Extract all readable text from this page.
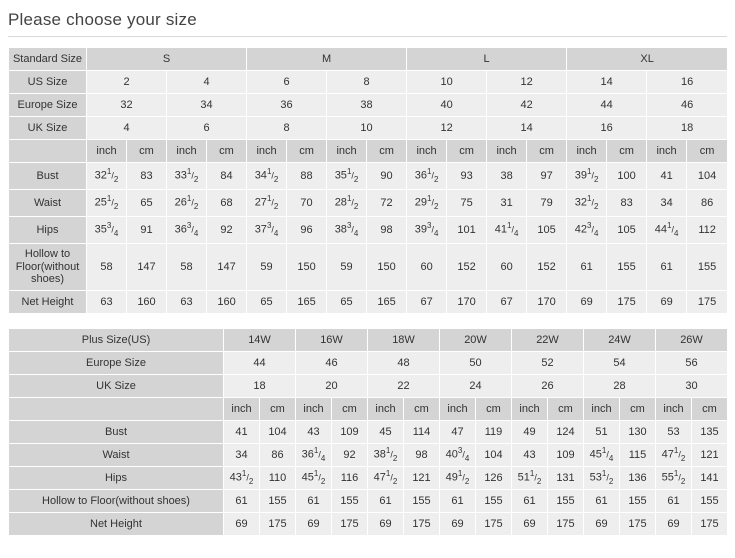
Please choose your size
Standard Size	S				M				L				XL			
US Size	2		4		6		8		10		12		14		16	
Europe Size	32		34		36		38		40		42		44		46	
UK Size	4		6		8		10		12		14		16		18	
	inch	cm	inch	cm	inch	cm	inch	cm	inch	cm	inch	cm	inch	cm	inch	cm
Bust	$32^1/_2$	83	$33^1/_2$	84	$34^1/_2$	88	$35^1/_2$	90	$36^1/_2$	93	38	97	$39^1/_2$	100	41	104
Waist	$25^1/_2$	65	$26^1/_2$	68	$27^1/_2$	70	$28^1/_2$	72	$29^1/_2$	75	31	79	$32^1/_2$	83	34	86
Hips	$35^3/_4$	91	$36^3/_4$	92	$37^3/_4$	96	$38^3/_4$	98	$39^3/_4$	101	$41^1/_4$	105	$42^3/_4$	105	$44^1/_4$	112
Hollow to Floor(without shoes)	58	147	58	147	59	150	59	150	60	152	60	152	61	155	61	155
Net Height	63	160	63	160	65	165	65	165	67	170	67	170	69	175	69	175
Plus Size(US)	14W		16W		18W		20W		22W		24W		26W	
Europe Size	44		46		48		50		52		54		56	
UK Size	18		20		22		24		26		28		30	
	inch	cm	inch	cm	inch	cm	inch	cm	inch	cm	inch	cm	inch	cm
Bust	41	104	43	109	45	114	47	119	49	124	51	130	53	135
Waist	34	86	$36^1/_4$	92	$38^1/_2$	98	$40^3/_4$	104	43	109	$45^1/_4$	115	$47^1/_2$	121
Hips	$43^1/_2$	110	$45^1/_2$	116	$47^1/_2$	121	$49^1/_2$	126	$51^1/_2$	131	$53^1/_2$	136	$55^1/_2$	141
Hollow to Floor(without shoes)	61	155	61	155	61	155	61	155	61	155	61	155	61	155
Net Height	69	175	69	175	69	175	69	175	69	175	69	175	69	175
